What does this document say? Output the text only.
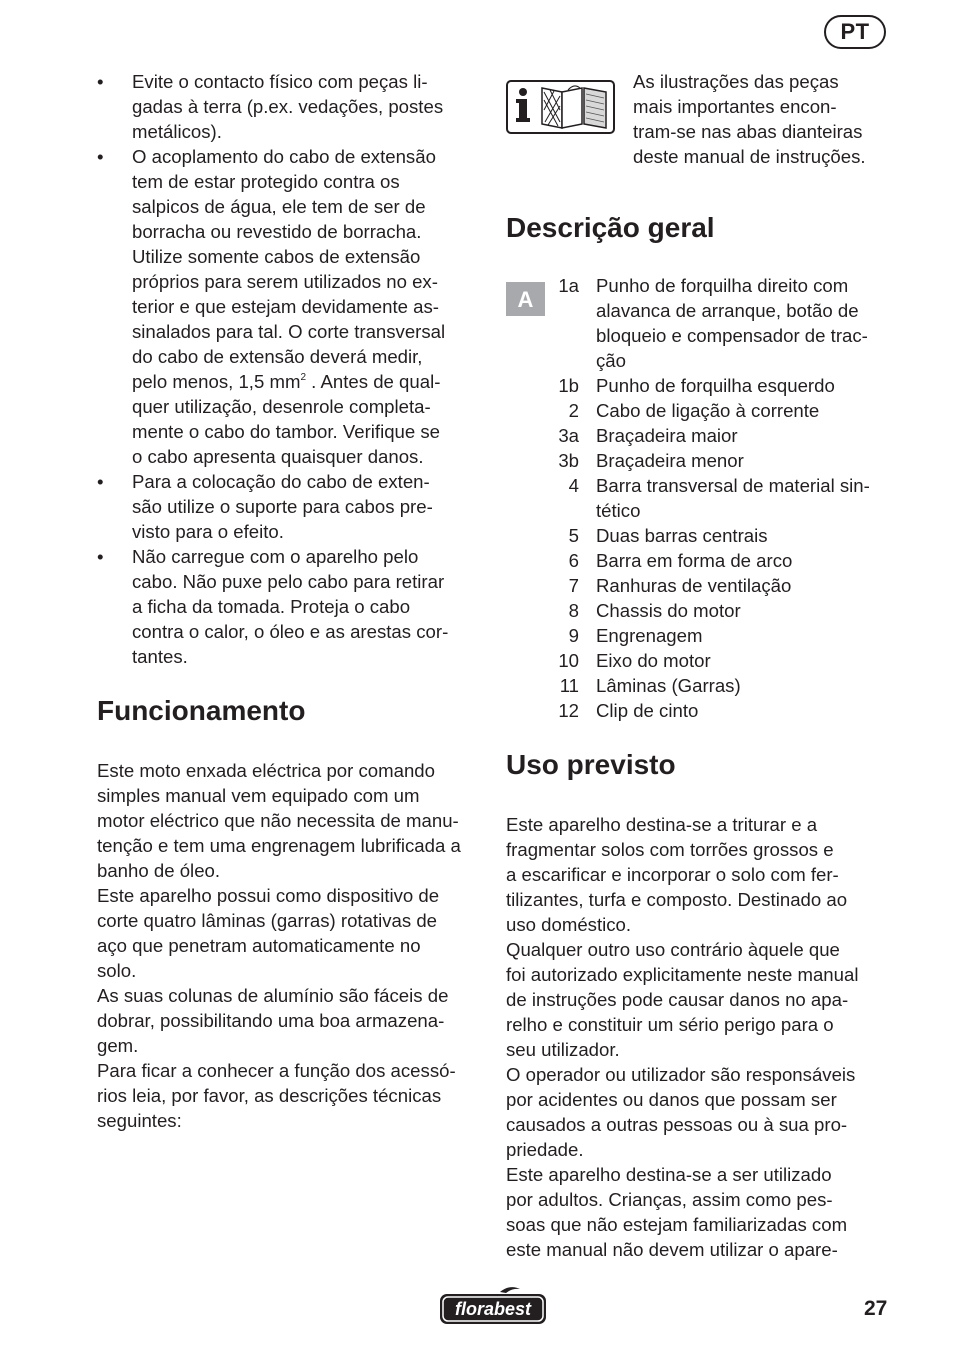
PT
• Evite o contacto físico com peças li-
gadas à terra (p.ex. vedações, postes
metálicos).
• O acoplamento do cabo de extensão
tem de estar protegido contra os
salpicos de água, ele tem de ser de
borracha ou revestido de borracha.
Utilize somente cabos de extensão
próprios para serem utilizados no ex-
terior e que estejam devidamente as-
sinalados para tal. O corte transversal
do cabo de extensão deverá medir,
pelo menos, 1,5 $mm^2$ . Antes de qual-
quer utilização, desenrole completa-
mente o cabo do tambor. Verifique se
o cabo apresenta quaisquer danos.
• Para a colocação do cabo de exten-
são utilize o suporte para cabos pre-
visto para o efeito.
• Não carregue com o aparelho pelo
cabo. Não puxe pelo cabo para retirar
a ficha da tomada. Proteja o cabo
contra o calor, o óleo e as arestas cor-
tantes.
Funcionamento
Este moto enxada eléctrica por comando
simples manual vem equipado com um
motor eléctrico que não necessita de manu-
tenção e tem uma engrenagem lubrificada a
banho de óleo.
Este aparelho possui como dispositivo de
corte quatro lâminas (garras) rotativas de
aço que penetram automaticamente no
solo.
As suas colunas de alumínio são fáceis de
dobrar, possibilitando uma boa armazena-
gem.
Para ficar a conhecer a função dos acessó-
rios leia, por favor, as descrições técnicas
seguintes:
As ilustrações das peças
mais importantes encon-
tram-se nas abas dianteiras
deste manual de instruções.
Descrição geral
A
1a Punho de forquilha direito com
alavanca de arranque, botão de
bloqueio e compensador de trac-
ção
1b Punho de forquilha esquerdo
2 Cabo de ligação à corrente
3a Braçadeira maior
3b Braçadeira menor
4 Barra transversal de material sin-
tético
5 Duas barras centrais
6 Barra em forma de arco
7 Ranhuras de ventilação
8 Chassis do motor
9 Engrenagem
10 Eixo do motor
11 Lâminas (Garras)
12 Clip de cinto
Uso previsto
Este aparelho destina-se a triturar e a
fragmentar solos com torrões grossos e
a escarificar e incorporar o solo com fer-
tilizantes, turfa e composto. Destinado ao
uso doméstico.
Qualquer outro uso contrário àquele que
foi autorizado explicitamente neste manual
de instruções pode causar danos no apa-
relho e constituir um sério perigo para o
seu utilizador.
O operador ou utilizador são responsáveis
por acidentes ou danos que possam ser
causados a outras pessoas ou à sua pro-
priedade.
Este aparelho destina-se a ser utilizado
por adultos. Crianças, assim como pes-
soas que não estejam familiarizadas com
este manual não devem utilizar o apare-
florabest	27
